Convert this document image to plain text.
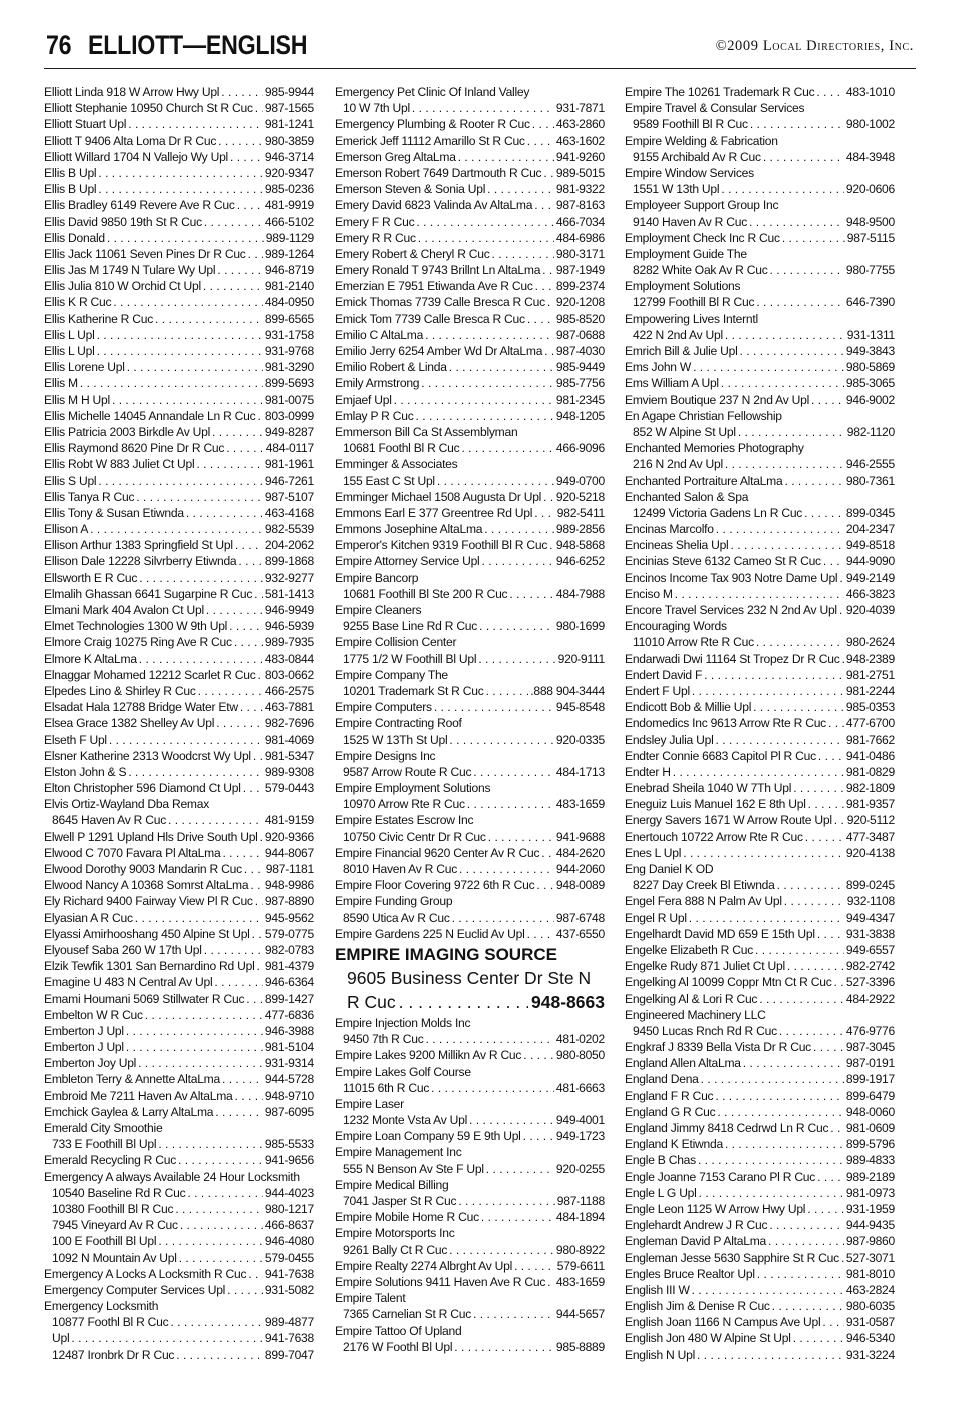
76 ELLIOTT—ENGLISH	©2009 Local Directories, Inc.
Elliott Linda 918 W Arrow Hwy Upl . . .	985-9944
Elliott Stephanie 10950 Church St R Cuc . . . 987-1565
Elliott Stuart Upl . . .	981-1241
Elliott T 9406 Alta Loma Dr R Cuc . . .	980-3859
Elliott Willard 1704 N Vallejo Wy Upl . . .	946-3714
Ellis B Upl . . .	920-9347
Ellis B Upl . . .	985-0236
Ellis Bradley 6149 Revere Ave R Cuc . . . 481-9919
Ellis David 9850 19th St R Cuc . . .	466-5102
Ellis Donald . . .	989-1129
Ellis Jack 11061 Seven Pines Dr R Cuc . . . 989-1264
Ellis Jas M 1749 N Tulare Wy Upl . . .	946-8719
Ellis Julia 810 W Orchid Ct Upl . . .	981-2140
Ellis K R Cuc . . .	484-0950
Ellis Katherine R Cuc . . .	899-6565
Ellis L Upl . . .	931-1758
Ellis L Upl . . .	931-9768
Ellis Lorene Upl . . .	981-3290
Ellis M . . .	899-5693
Ellis M H Upl . . .	981-0075
Ellis Michelle 14045 Annandale Ln R Cuc . . . 803-0999
Ellis Patricia 2003 Birkdle Av Upl . . .	949-8287
Ellis Raymond 8620 Pine Dr R Cuc . . .	484-0117
Ellis Robt W 883 Juliet Ct Upl . . .	981-1961
Ellis S Upl . . .	946-7261
Ellis Tanya R Cuc . . .	987-5107
Ellis Tony & Susan Etiwnda . . .	463-4168
Ellison A . . .	982-5539
Ellison Arthur 1383 Springfield St Upl . . .	204-2062
Ellison Dale 12228 Silvrberry Etiwnda . . . 899-1868
Ellsworth E R Cuc . . .	932-9277
Elmalih Ghassan 6641 Sugarpine R Cuc . . . 581-1413
Elmani Mark 404 Avalon Ct Upl . . .	946-9949
Elmet Technologies 1300 W 9th Upl . . .	946-5939
Elmore Craig 10275 Ring Ave R Cuc . . .	989-7935
Elmore K AltaLma . . .	483-0844
Elnaggar Mohamed 12212 Scarlet R Cuc . . . 803-0662
Elpedes Lino & Shirley R Cuc . . .	466-2575
Elsadat Hala 12788 Bridge Water Etw . . . 463-7881
Elsea Grace 1382 Shelley Av Upl . . .	982-7696
Elseth F Upl . . .	981-4069
Elsner Katherine 2313 Woodcrst Wy Upl . . . 981-5347
Elston John & S . . .	989-9308
Elton Christopher 596 Diamond Ct Upl . . . 579-0443
Elvis Ortiz-Wayland Dba Remax
8645 Haven Av R Cuc . . .	481-9159
Elwell P 1291 Upland Hls Drive South Upl . . . 920-9366
Elwood C 7070 Favara Pl AltaLma . . .	944-8067
Elwood Dorothy 9003 Mandarin R Cuc . . . 987-1181
Elwood Nancy A 10368 Somrst AltaLma . . . 948-9986
Ely Richard 9400 Fairway View Pl R Cuc . . . 987-8890
Elyasian A R Cuc . . .	945-9562
Elyassi Amirhooshang 450 Alpine St Upl . . . 579-0775
Elyousef Saba 260 W 17th Upl . . .	982-0783
Elzik Tewfik 1301 San Bernardino Rd Upl . . . 981-4379
Emagine U 483 N Central Av Upl . . .	946-6364
Emami Houmani 5069 Stillwater R Cuc . . . 899-1427
Embelton W R Cuc . . .	477-6836
Emberton J Upl . . .	946-3988
Emberton J Upl . . .	981-5104
Emberton Joy Upl . . .	931-9314
Embleton Terry & Annette AltaLma . . .	944-5728
Embroid Me 7211 Haven Av AltaLma . . .	948-9710
Emchick Gaylea & Larry AltaLma . . .	987-6095
Emerald City Smoothie
733 E Foothill Bl Upl . . .	985-5533
Emerald Recycling R Cuc . . .	941-9656
Emergency A always Available 24 Hour Locksmith
10540 Baseline Rd R Cuc . . .	944-4023
10380 Foothill Bl R Cuc . . .	980-1217
7945 Vineyard Av R Cuc . . .	466-8637
100 E Foothill Bl Upl . . .	946-4080
1092 N Mountain Av Upl . . .	579-0455
Emergency A Locks A Locksmith R Cuc . . . 941-7638
Emergency Computer Services Upl . . .	931-5082
Emergency Locksmith
10877 Foothl Bl R Cuc . . .	989-4877
Upl . . .	941-7638
12487 Ironbrk Dr R Cuc . . .	899-7047
Emergency Pet Clinic Of Inland Valley
10 W 7th Upl . . .	931-7871
Emergency Plumbing & Rooter R Cuc . . . 463-2860
Emerick Jeff 11112 Amarillo St R Cuc . . .	463-1602
Emerson Greg AltaLma . . .	941-9260
Emerson Robert 7649 Dartmouth R Cuc . . . 989-5015
Emerson Steven & Sonia Upl . . .	981-9322
Emery David 6823 Valinda Av AltaLma . . . 987-8163
Emery F R Cuc . . .	466-7034
Emery R R Cuc . . .	484-6986
Emery Robert & Cheryl R Cuc . . .	980-3171
Emery Ronald T 9743 Brillnt Ln AltaLma . . . 987-1949
Emerzian E 7951 Etiwanda Ave R Cuc . . . 899-2374
Emick Thomas 7739 Calle Bresca R Cuc . . . 920-1208
Emick Tom 7739 Calle Bresca R Cuc . . .	985-8520
Emilio C AltaLma . . .	987-0688
Emilio Jerry 6254 Amber Wd Dr AltaLma . . . 987-4030
Emilio Robert & Linda . . .	985-9449
Emily Armstrong . . .	985-7756
Emjaef Upl . . .	981-2345
Emlay P R Cuc . . .	948-1205
Emmerson Bill Ca St Assemblyman
10681 Foothl Bl R Cuc . . .	466-9096
Emminger & Associates
155 East C St Upl . . .	949-0700
Emminger Michael 1508 Augusta Dr Upl . . . 920-5218
Emmons Earl E 377 Greentree Rd Upl . . . 982-5411
Emmons Josephine AltaLma . . .	989-2856
Emperor's Kitchen 9319 Foothill Bl R Cuc . . . 948-5868
Empire Attorney Service Upl . . .	946-6252
Empire Bancorp
10681 Foothill Bl Ste 200 R Cuc . . .	484-7988
Empire Cleaners
9255 Base Line Rd R Cuc . . .	980-1699
Empire Collision Center
1775 1/2 W Foothill Bl Upl . . .	920-9111
Empire Company The
10201 Trademark St R Cuc . . .	.888 904-3444
Empire Computers . . .	945-8548
Empire Contracting Roof
1525 W 13Th St Upl . . .	920-0335
Empire Designs Inc
9587 Arrow Route R Cuc . . .	484-1713
Empire Employment Solutions
10970 Arrow Rte R Cuc . . .	483-1659
Empire Estates Escrow Inc
10750 Civic Centr Dr R Cuc . . .	941-9688
Empire Financial 9620 Center Av R Cuc . . . 484-2620
8010 Haven Av R Cuc . . .	944-2060
Empire Floor Covering 9722 6th R Cuc . . . 948-0089
Empire Funding Group
8590 Utica Av R Cuc . . .	987-6748
Empire Gardens 225 N Euclid Av Upl . . .	437-6550
EMPIRE IMAGING SOURCE
9605 Business Center Dr Ste N
R Cuc . . .	948-8663
Empire Injection Molds Inc
9450 7th R Cuc . . .	481-0202
Empire Lakes 9200 Millikn Av R Cuc . . .	980-8050
Empire Lakes Golf Course
11015 6th R Cuc . . .	481-6663
Empire Laser
1232 Monte Vsta Av Upl . . .	949-4001
Empire Loan Company 59 E 9th Upl . . .	949-1723
Empire Management Inc
555 N Benson Av Ste F Upl . . .	920-0255
Empire Medical Billing
7041 Jasper St R Cuc . . .	987-1188
Empire Mobile Home R Cuc . . .	484-1894
Empire Motorsports Inc
9261 Bally Ct R Cuc . . .	980-8922
Empire Realty 2274 Albrght Av Upl . . .	579-6611
Empire Solutions 9411 Haven Ave R Cuc . . . 483-1659
Empire Talent
7365 Carnelian St R Cuc . . .	944-5657
Empire Tattoo Of Upland
2176 W Foothl Bl Upl . . .	985-8889
Empire The 10261 Trademark R Cuc . . .	483-1010
Empire Travel & Consular Services
9589 Foothill Bl R Cuc . . .	980-1002
Empire Welding & Fabrication
9155 Archibald Av R Cuc . . .	484-3948
Empire Window Services
1551 W 13th Upl . . .	920-0606
Employeer Support Group Inc
9140 Haven Av R Cuc . . .	948-9500
Employment Check Inc R Cuc . . .	987-5115
Employment Guide The
8282 White Oak Av R Cuc . . .	980-7755
Employment Solutions
12799 Foothill Bl R Cuc . . .	646-7390
Empowering Lives Interntl
422 N 2nd Av Upl . . .	931-1311
Emrich Bill & Julie Upl . . .	949-3843
Ems John W . . .	980-5869
Ems William A Upl . . .	985-3065
Emviem Boutique 237 N 2nd Av Upl . . .	946-9002
En Agape Christian Fellowship
852 W Alpine St Upl . . .	982-1120
Enchanted Memories Photography
216 N 2nd Av Upl . . .	946-2555
Enchanted Portraiture AltaLma . . .	980-7361
Enchanted Salon & Spa
12499 Victoria Gadens Ln R Cuc . . .	899-0345
Encinas Marcolfo . . .	204-2347
Encineas Shelia Upl . . .	949-8518
Encinias Steve 6132 Cameo St R Cuc . . . 944-9090
Encinos Income Tax 903 Notre Dame Upl . . . 949-2149
Enciso M . . .	466-3823
Encore Travel Services 232 N 2nd Av Upl . . . 920-4039
Encouraging Words
11010 Arrow Rte R Cuc . . .	980-2624
Endarwadi Dwi 11164 St Tropez Dr R Cuc . . . 948-2389
Endert David F . . .	981-2751
Endert F Upl . . .	981-2244
Endicott Bob & Millie Upl . . .	985-0353
Endomedics Inc 9613 Arrow Rte R Cuc . . . 477-6700
Endsley Julia Upl . . .	981-7662
Endter Connie 6683 Capitol Pl R Cuc . . . 941-0486
Endter H . . .	981-0829
Enebrad Sheila 1040 W 7Th Upl . . .	982-1809
Eneguiz Luis Manuel 162 E 8th Upl . . .	981-9357
Energy Savers 1671 W Arrow Route Upl . . . 920-5112
Enertouch 10722 Arrow Rte R Cuc . . .	477-3487
Enes L Upl . . .	920-4138
Eng Daniel K OD
8227 Day Creek Bl Etiwnda . . .	899-0245
Engel Fera 888 N Palm Av Upl . . .	932-1108
Engel R Upl . . .	949-4347
Engelhardt David MD 659 E 15th Upl . . .	931-3838
Engelke Elizabeth R Cuc . . .	949-6557
Engelke Rudy 871 Juliet Ct Upl . . .	982-2742
Engelking Al 10099 Coppr Mtn Ct R Cuc . . . 527-3396
Engelking Al & Lori R Cuc . . .	484-2922
Engineered Machinery LLC
9450 Lucas Rnch Rd R Cuc . . .	476-9776
Engkraf J 8339 Bella Vista Dr R Cuc . . .	987-3045
England Allen AltaLma . . .	987-0191
England Dena . . .	899-1917
England F R Cuc . . .	899-6479
England G R Cuc . . .	948-0060
England Jimmy 8418 Cedrwd Ln R Cuc . . . 981-0609
England K Etiwnda . . .	899-5796
Engle B Chas . . .	989-4833
Engle Joanne 7153 Carano Pl R Cuc . . .	989-2189
Engle L G Upl . . .	981-0973
Engle Leon 1125 W Arrow Hwy Upl . . .	931-1959
Englehardt Andrew J R Cuc . . .	944-9435
Engleman David P AltaLma . . .	987-9860
Engleman Jesse 5630 Sapphire St R Cuc . . . 527-3071
Engles Bruce Realtor Upl . . .	981-8010
English III W . . .	463-2824
English Jim & Denise R Cuc . . .	980-6035
English Joan 1166 N Campus Ave Upl . . . 931-0587
English Jon 480 W Alpine St Upl . . .	946-5340
English N Upl . . .	931-3224
